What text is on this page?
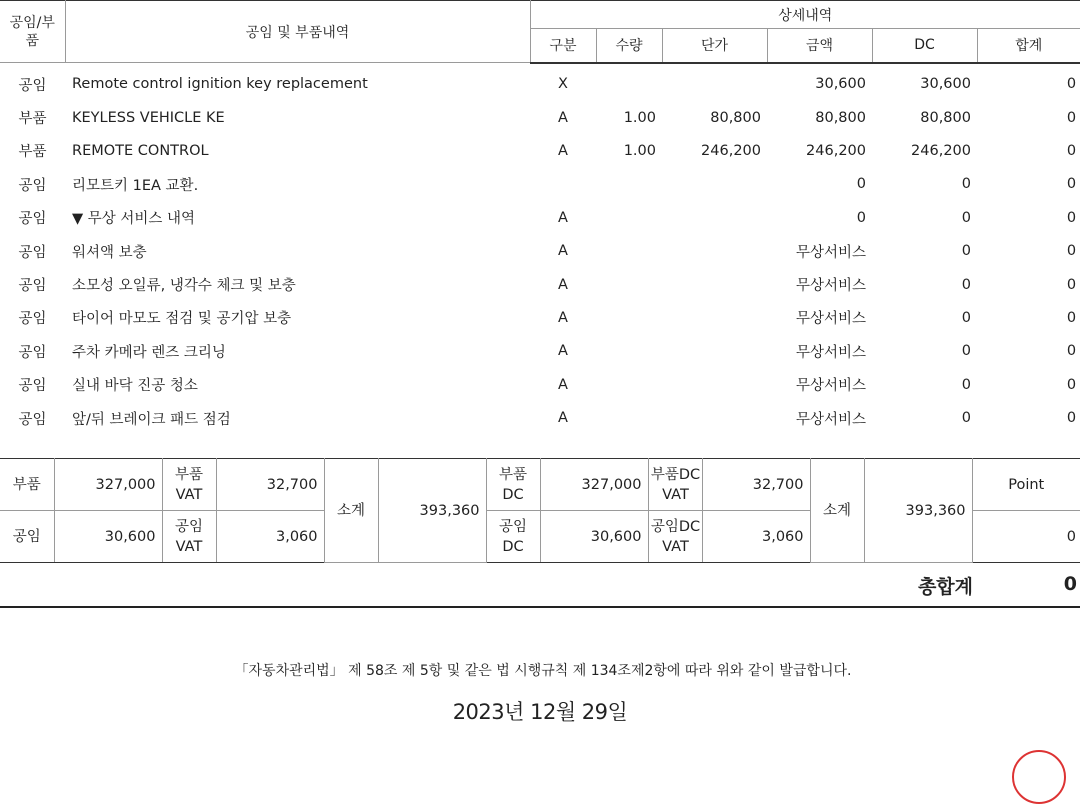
공임/부품	공임 및 부품내역	상세내역					
		구분	수량	단가	금액	DC	합계

공임	Remote control ignition key replacement	X			30,600	30,600	0
부품	KEYLESS VEHICLE KE	A	1.00	80,800	80,800	80,800	0
부품	REMOTE CONTROL	A	1.00	246,200	246,200	246,200	0
공임	리모트키 1EA 교환.				0	0	0
공임	▼ 무상 서비스 내역	A			0	0	0
공임	워셔액 보충	A			무상서비스	0	0
공임	소모성 오일류, 냉각수 체크 및 보충	A			무상서비스	0	0
공임	타이어 마모도 점검 및 공기압 보충	A			무상서비스	0	0
공임	주차 카메라 렌즈 크리닝	A			무상서비스	0	0
공임	실내 바닥 진공 청소	A			무상서비스	0	0
공임	앞/뒤 브레이크 패드 점검	A			무상서비스	0	0
부품	327,000	부품VAT	32,700	소계	393,360	부품DC	327,000	부품DC VAT	32,700	소계	393,360	Point
공임	30,600	공임VAT	3,060			공임DC	30,600	공임DC VAT	3,060			0
총합계	0
「자동차관리법」 제 58조 제 5항 및 같은 법 시행규칙 제 134조제2항에 따라 위와 같이 발급합니다.
2023년 12월 29일
